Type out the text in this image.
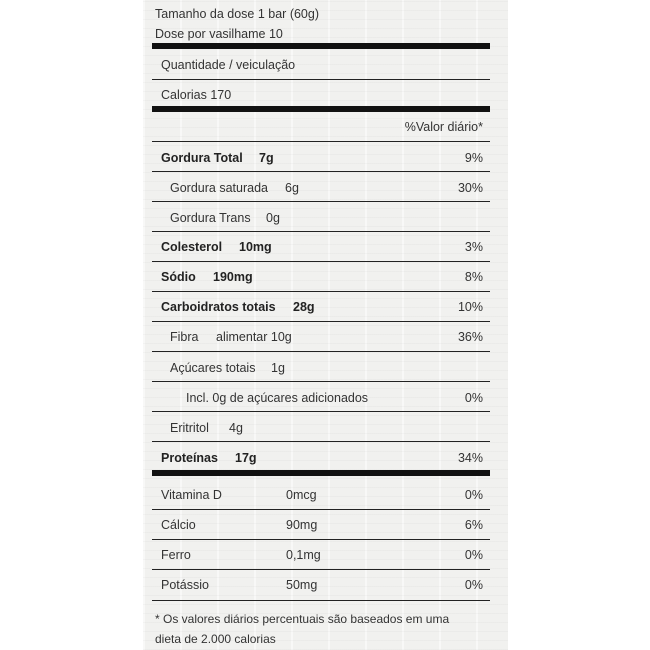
Tamanho da dose 1 bar (60g)
Dose por vasilhame 10
Quantidade / veiculação
Calorias 170
%Valor diário*
Gordura Total 7g	9%
Gordura saturada 6g	30%
Gordura Trans 0g
Colesterol 10mg	3%
Sódio 190mg	8%
Carboidratos totais 28g	10%
Fibra alimentar 10g	36%
Açúcares totais 1g
Incl. 0g de açúcares adicionados	0%
Eritritol 4g
Proteínas 17g	34%
Vitamina D	0mcg	0%
Cálcio	90mg	6%
Ferro	0,1mg	0%
Potássio	50mg	0%
* Os valores diários percentuais são baseados em uma
dieta de 2.000 calorias
